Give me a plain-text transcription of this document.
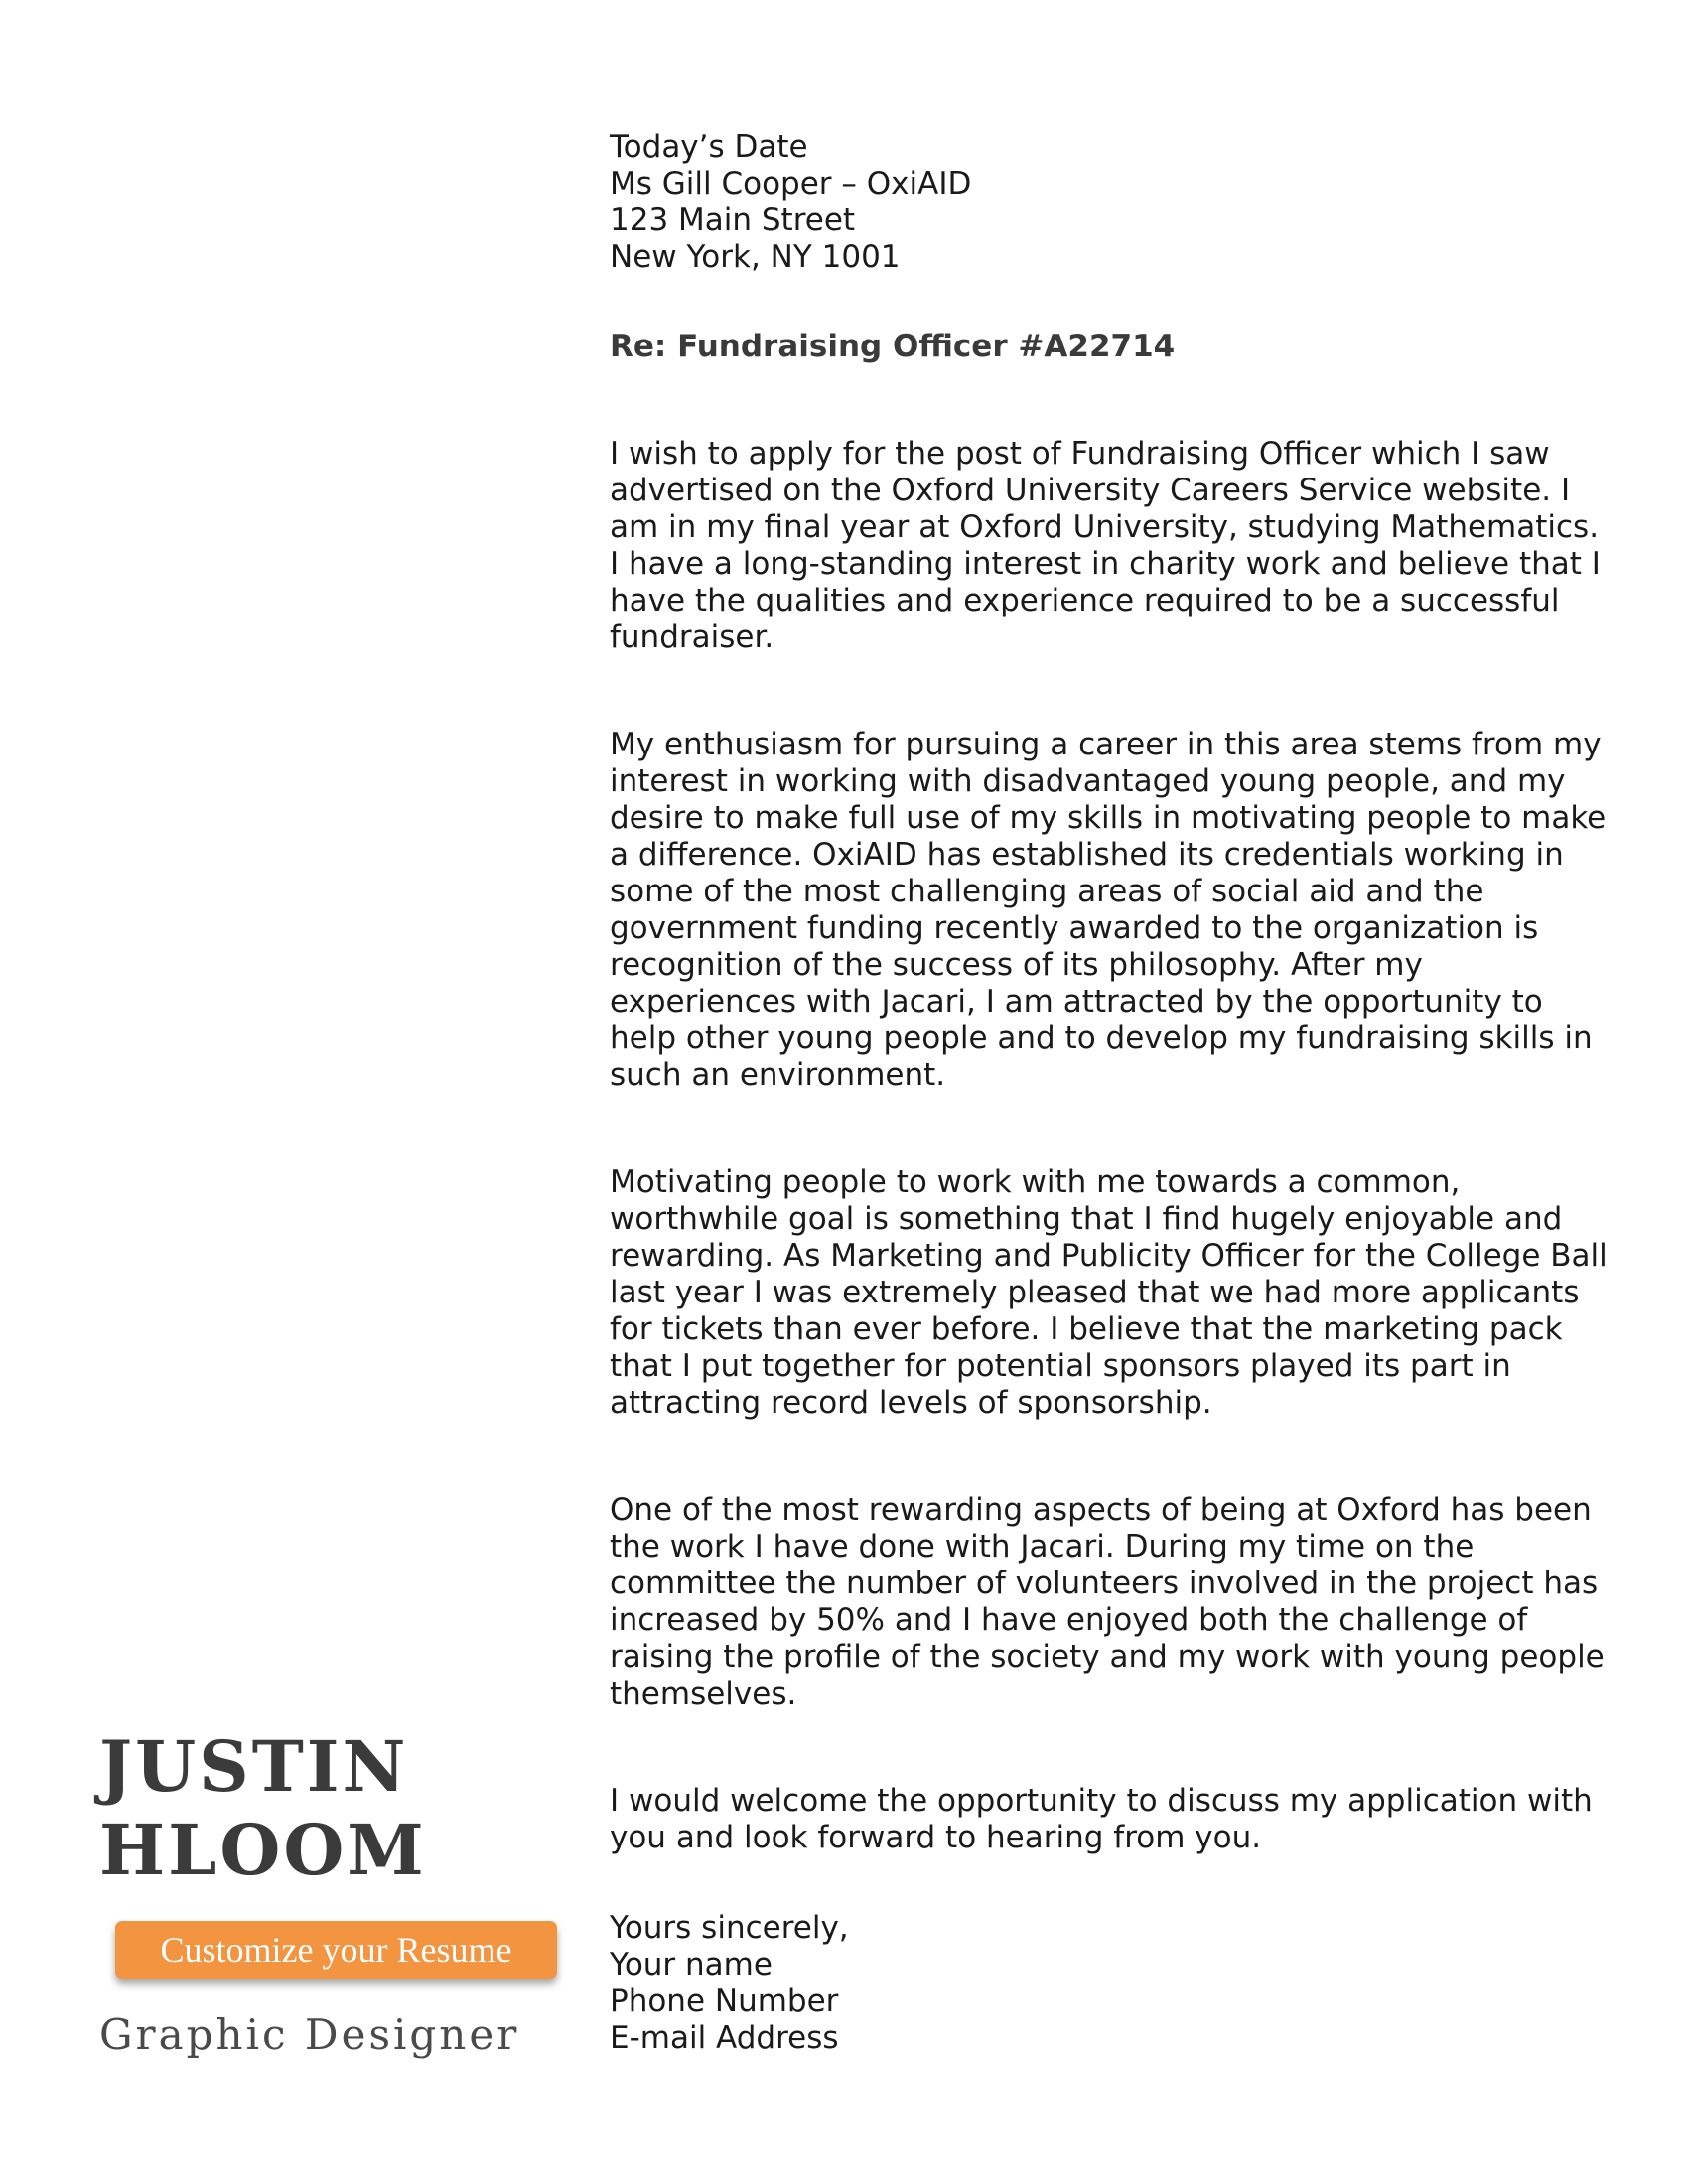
Today’s Date
Ms Gill Cooper – OxiAID
123 Main Street
New York, NY 1001

Re: Fundraising Officer #A22714

I wish to apply for the post of Fundraising Officer which I saw advertised on the Oxford University Careers Service website. I am in my final year at Oxford University, studying Mathematics. I have a long-standing interest in charity work and believe that I have the qualities and experience required to be a successful fundraiser.

My enthusiasm for pursuing a career in this area stems from my interest in working with disadvantaged young people, and my desire to make full use of my skills in motivating people to make a difference. OxiAID has established its credentials working in some of the most challenging areas of social aid and the government funding recently awarded to the organization is recognition of the success of its philosophy. After my experiences with Jacari, I am attracted by the opportunity to help other young people and to develop my fundraising skills in such an environment.

Motivating people to work with me towards a common, worthwhile goal is something that I find hugely enjoyable and rewarding. As Marketing and Publicity Officer for the College Ball last year I was extremely pleased that we had more applicants for tickets than ever before. I believe that the marketing pack that I put together for potential sponsors played its part in attracting record levels of sponsorship.

One of the most rewarding aspects of being at Oxford has been the work I have done with Jacari. During my time on the committee the number of volunteers involved in the project has increased by 50% and I have enjoyed both the challenge of raising the profile of the society and my work with young people themselves.

I would welcome the opportunity to discuss my application with you and look forward to hearing from you.

Yours sincerely,
Your name
Phone Number
E-mail Address

JUSTIN
HLOOM
Customize your Resume
Graphic Designer
